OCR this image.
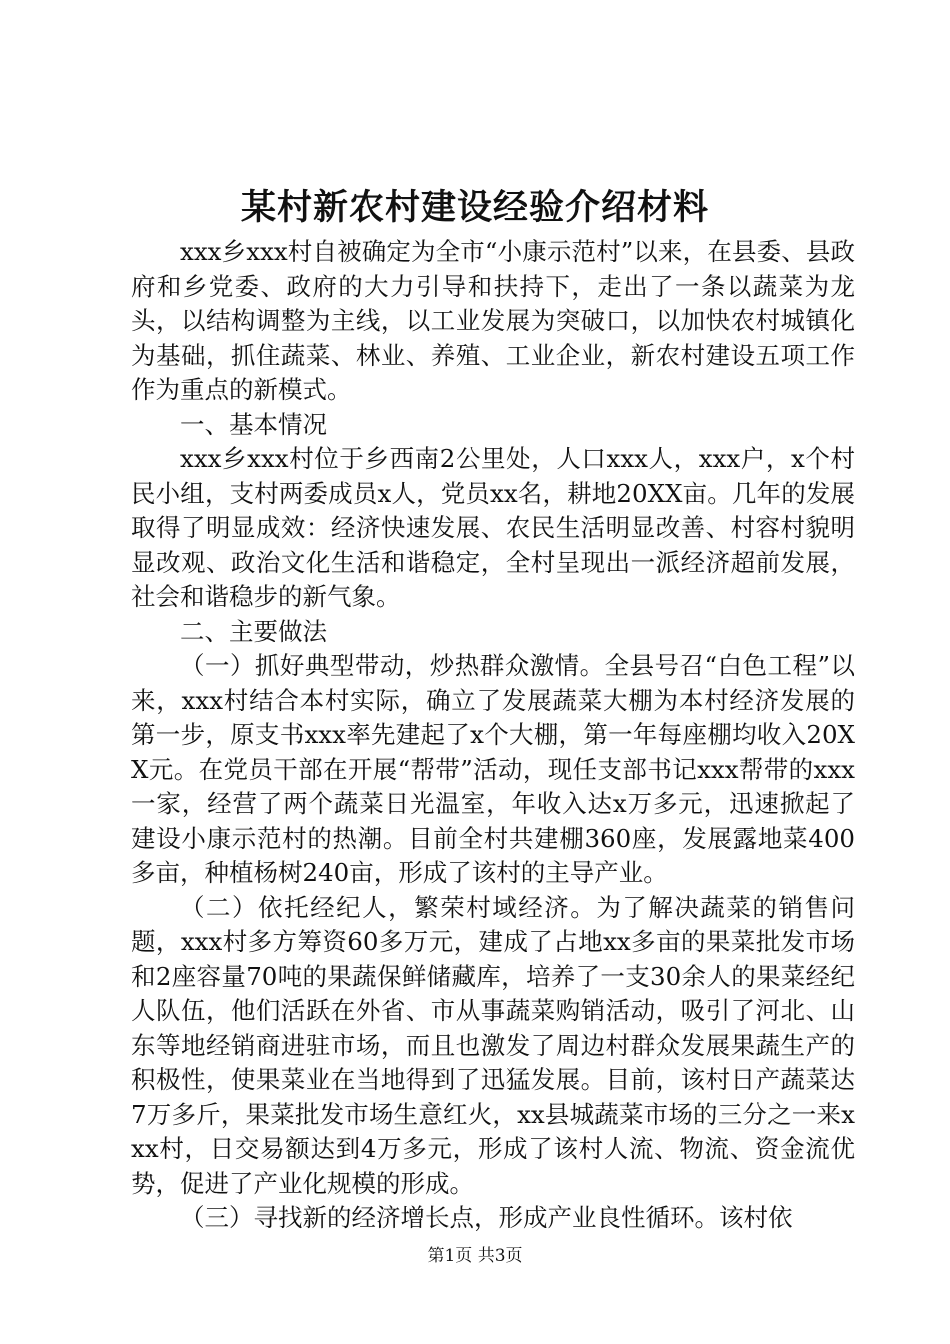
某村新农村建设经验介绍材料

xxx乡xxx村自被确定为全市“小康示范村”以来，在县委、县政府和乡党委、政府的大力引导和扶持下，走出了一条以蔬菜为龙头，以结构调整为主线，以工业发展为突破口，以加快农村城镇化为基础，抓住蔬菜、林业、养殖、工业企业，新农村建设五项工作作为重点的新模式。

一、基本情况

xxx乡xxx村位于乡西南2公里处，人口xxx人，xxx户，x个村民小组，支村两委成员x人，党员xx名，耕地20XX亩。几年的发展取得了明显成效：经济快速发展、农民生活明显改善、村容村貌明显改观、政治文化生活和谐稳定，全村呈现出一派经济超前发展，社会和谐稳步的新气象。

二、主要做法

（一）抓好典型带动，炒热群众激情。全县号召“白色工程”以来，xxx村结合本村实际，确立了发展蔬菜大棚为本村经济发展的第一步，原支书xxx率先建起了x个大棚，第一年每座棚均收入20XX元。在党员干部在开展“帮带”活动，现任支部书记xxx帮带的xxx一家，经营了两个蔬菜日光温室，年收入达x万多元，迅速掀起了建设小康示范村的热潮。目前全村共建棚360座，发展露地菜400多亩，种植杨树240亩，形成了该村的主导产业。

（二）依托经纪人，繁荣村域经济。为了解决蔬菜的销售问题，xxx村多方筹资60多万元，建成了占地xx多亩的果菜批发市场和2座容量70吨的果蔬保鲜储藏库，培养了一支30余人的果菜经纪人队伍，他们活跃在外省、市从事蔬菜购销活动，吸引了河北、山东等地经销商进驻市场，而且也激发了周边村群众发展果蔬生产的积极性，使果菜业在当地得到了迅猛发展。目前，该村日产蔬菜达7万多斤，果菜批发市场生意红火，xx县城蔬菜市场的三分之一来xxx村，日交易额达到4万多元，形成了该村人流、物流、资金流优势，促进了产业化规模的形成。

（三）寻找新的经济增长点，形成产业良性循环。该村依

第1页 共3页
